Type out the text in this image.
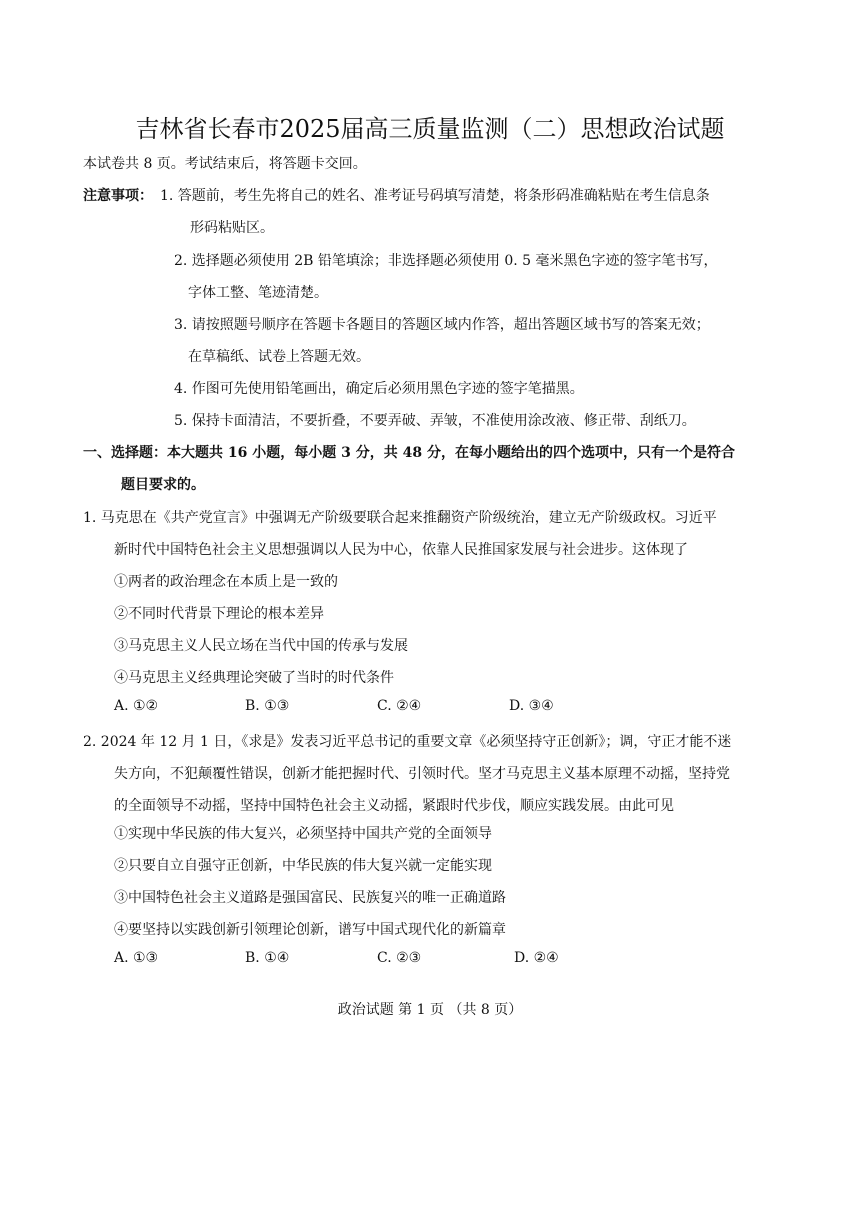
吉林省长春市2025届高三质量监测（二）思想政治试题
本试卷共 8 页。考试结束后，将答题卡交回。
注意事项： 1. 答题前，考生先将自己的姓名、准考证号码填写清楚，将条形码准确粘贴在考生信息条
形码粘贴区。
2. 选择题必须使用 2B 铅笔填涂；非选择题必须使用 0. 5 毫米黑色字迹的签字笔书写，
字体工整、笔迹清楚。
3. 请按照题号顺序在答题卡各题目的答题区域内作答，超出答题区域书写的答案无效；
在草稿纸、试卷上答题无效。
4. 作图可先使用铅笔画出，确定后必须用黑色字迹的签字笔描黑。
5. 保持卡面清洁，不要折叠，不要弄破、弄皱，不准使用涂改液、修正带、刮纸刀。
一、选择题：本大题共 16 小题，每小题 3 分，共 48 分，在每小题给出的四个选项中，只有一个是符合
题目要求的。
1. 马克思在《共产党宣言》中强调无产阶级要联合起来推翻资产阶级统治，建立无产阶级政权。习近平
新时代中国特色社会主义思想强调以人民为中心，依靠人民推国家发展与社会进步。这体现了
①两者的政治理念在本质上是一致的
②不同时代背景下理论的根本差异
③马克思主义人民立场在当代中国的传承与发展
④马克思主义经典理论突破了当时的时代条件
A. ①②	B. ①③	C. ②④	D. ③④
2. 2024 年 12 月 1 日，《求是》发表习近平总书记的重要文章《必须坚持守正创新》；调，守正才能不迷
失方向，不犯颠覆性错误，创新才能把握时代、引领时代。坚才马克思主义基本原理不动摇，坚持党
的全面领导不动摇，坚持中国特色社会主义动摇，紧跟时代步伐，顺应实践发展。由此可见
①实现中华民族的伟大复兴，必须坚持中国共产党的全面领导
②只要自立自强守正创新，中华民族的伟大复兴就一定能实现
③中国特色社会主义道路是强国富民、民族复兴的唯一正确道路
④要坚持以实践创新引领理论创新，谱写中国式现代化的新篇章
A. ①③	B. ①④	C. ②③	D. ②④
政治试题 第 1 页 （共 8 页）
